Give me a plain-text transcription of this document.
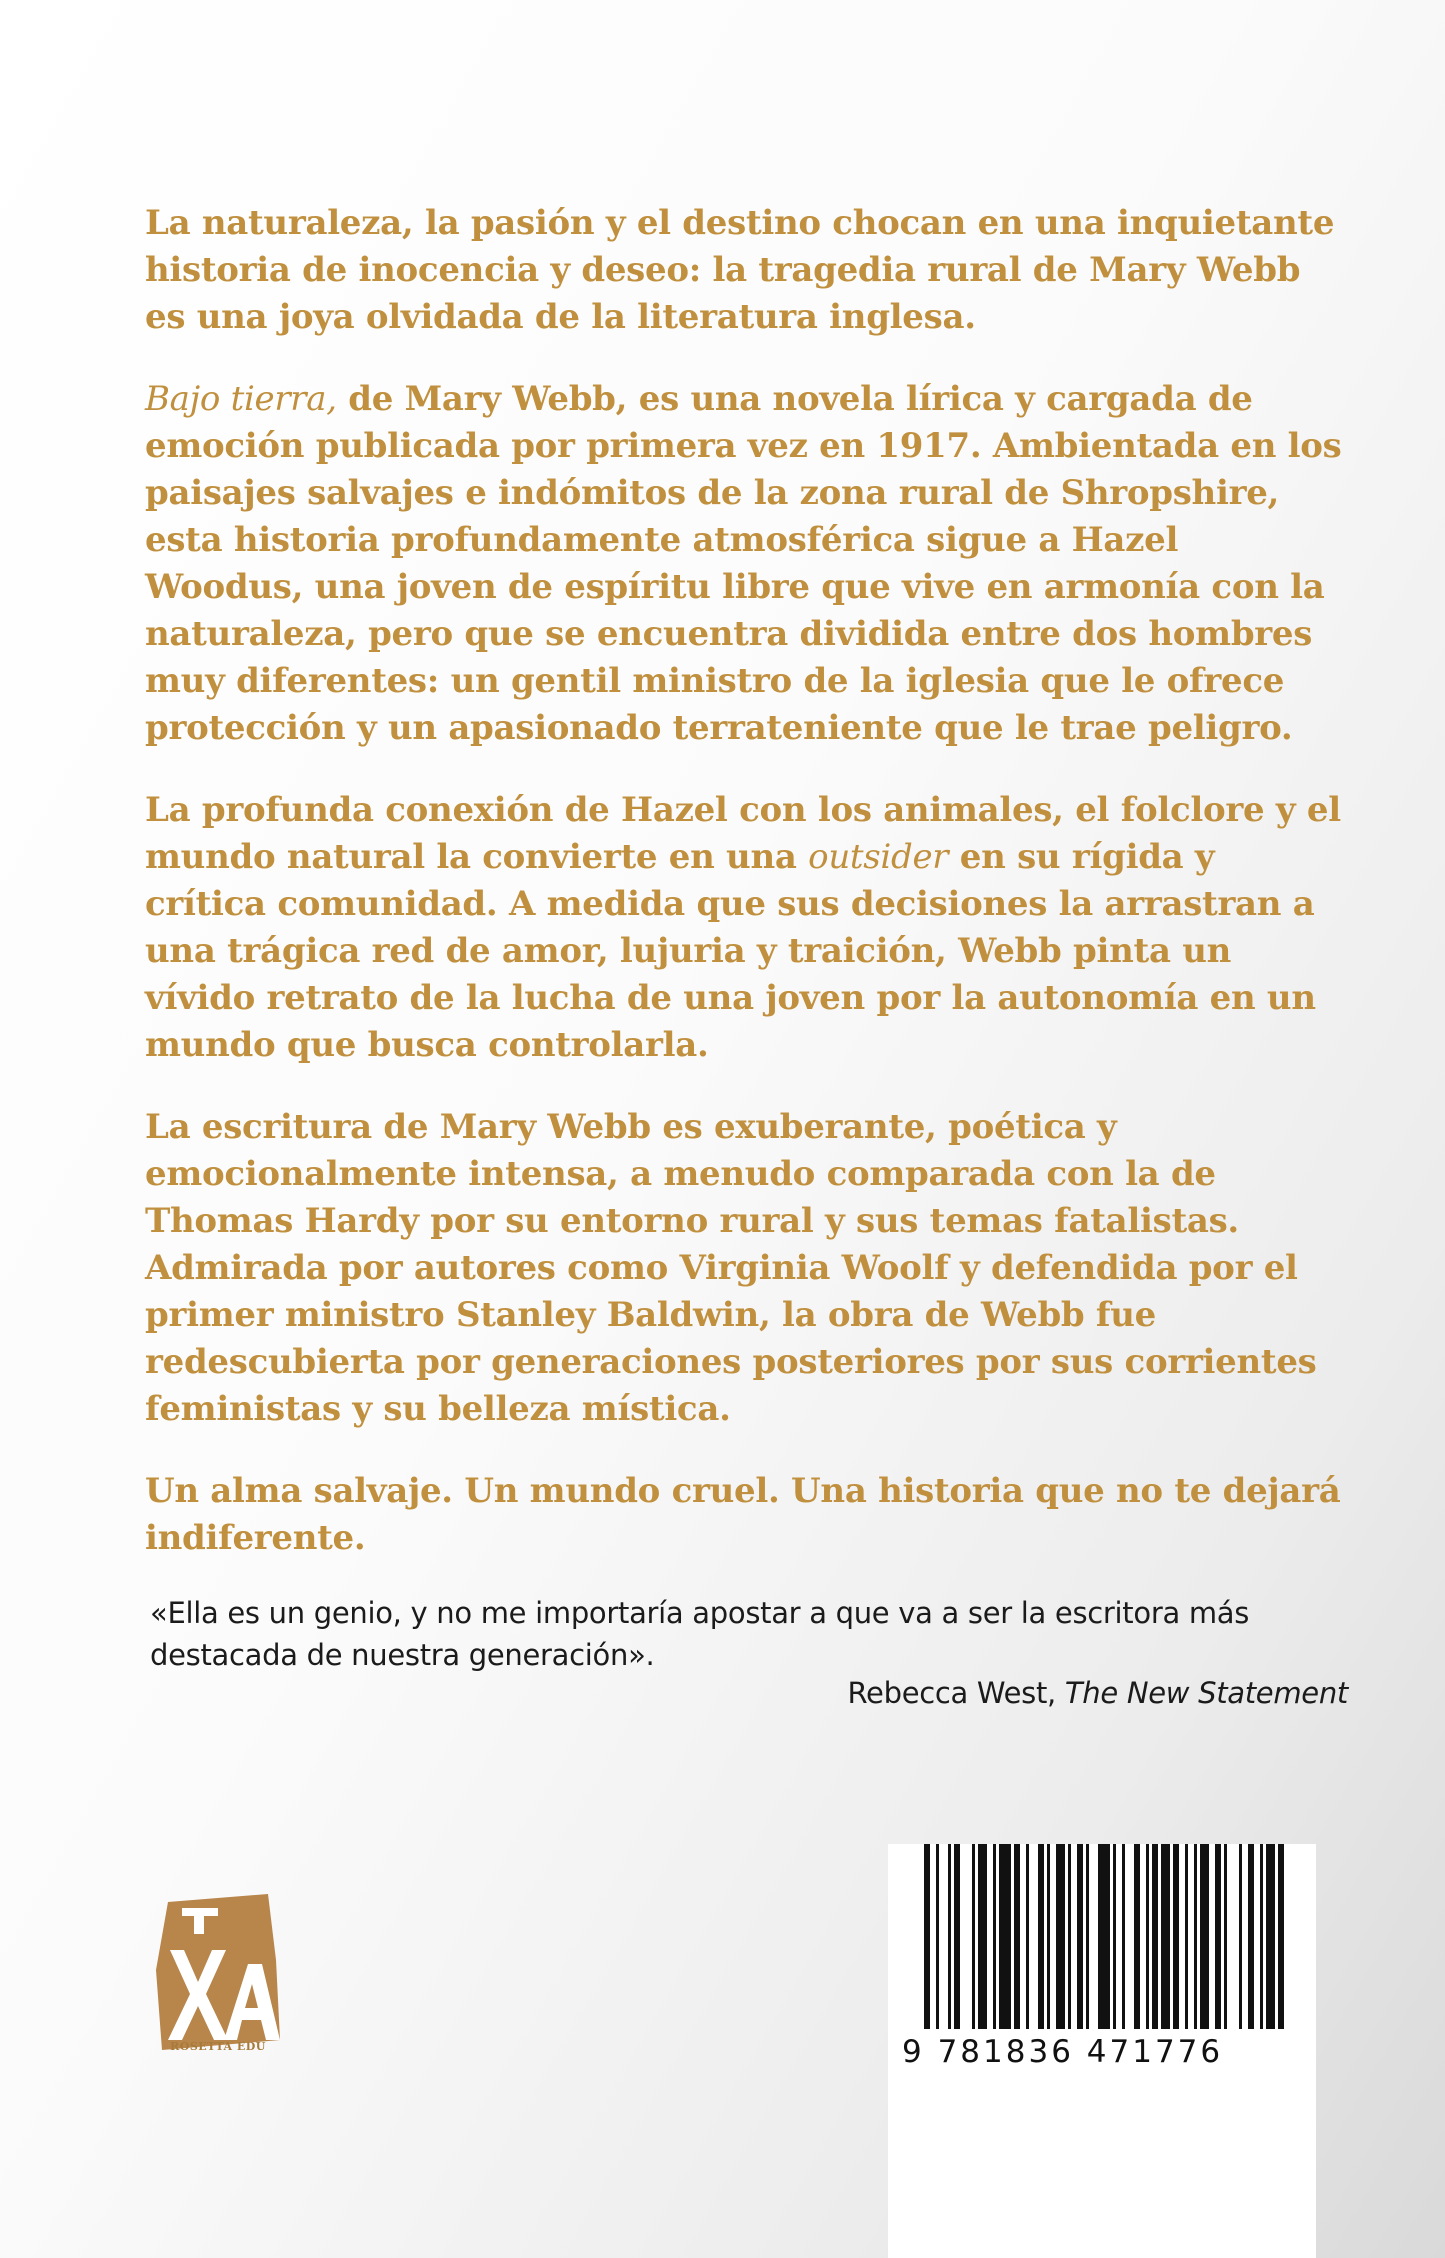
La naturaleza, la pasión y el destino chocan en una inquietante historia de inocencia y deseo: la tragedia rural de Mary Webb es una joya olvidada de la literatura inglesa.

Bajo tierra, de Mary Webb, es una novela lírica y cargada de emoción publicada por primera vez en 1917. Ambientada en los paisajes salvajes e indómitos de la zona rural de Shropshire, esta historia profundamente atmosférica sigue a Hazel Woodus, una joven de espíritu libre que vive en armonía con la naturaleza, pero que se encuentra dividida entre dos hombres muy diferentes: un gentil ministro de la iglesia que le ofrece protección y un apasionado terrateniente que le trae peligro.

La profunda conexión de Hazel con los animales, el folclore y el mundo natural la convierte en una outsider en su rígida y crítica comunidad. A medida que sus decisiones la arrastran a una trágica red de amor, lujuria y traición, Webb pinta un vívido retrato de la lucha de una joven por la autonomía en un mundo que busca controlarla.

La escritura de Mary Webb es exuberante, poética y emocionalmente intensa, a menudo comparada con la de Thomas Hardy por su entorno rural y sus temas fatalistas. Admirada por autores como Virginia Woolf y defendida por el primer ministro Stanley Baldwin, la obra de Webb fue redescubierta por generaciones posteriores por sus corrientes feministas y su belleza mística.

Un alma salvaje. Un mundo cruel. Una historia que no te dejará indiferente.

«Ella es un genio, y no me importaría apostar a que va a ser la escritora más destacada de nuestra generación».
Rebecca West, The New Statement
ROSETTA EDU	9 781836 471776
